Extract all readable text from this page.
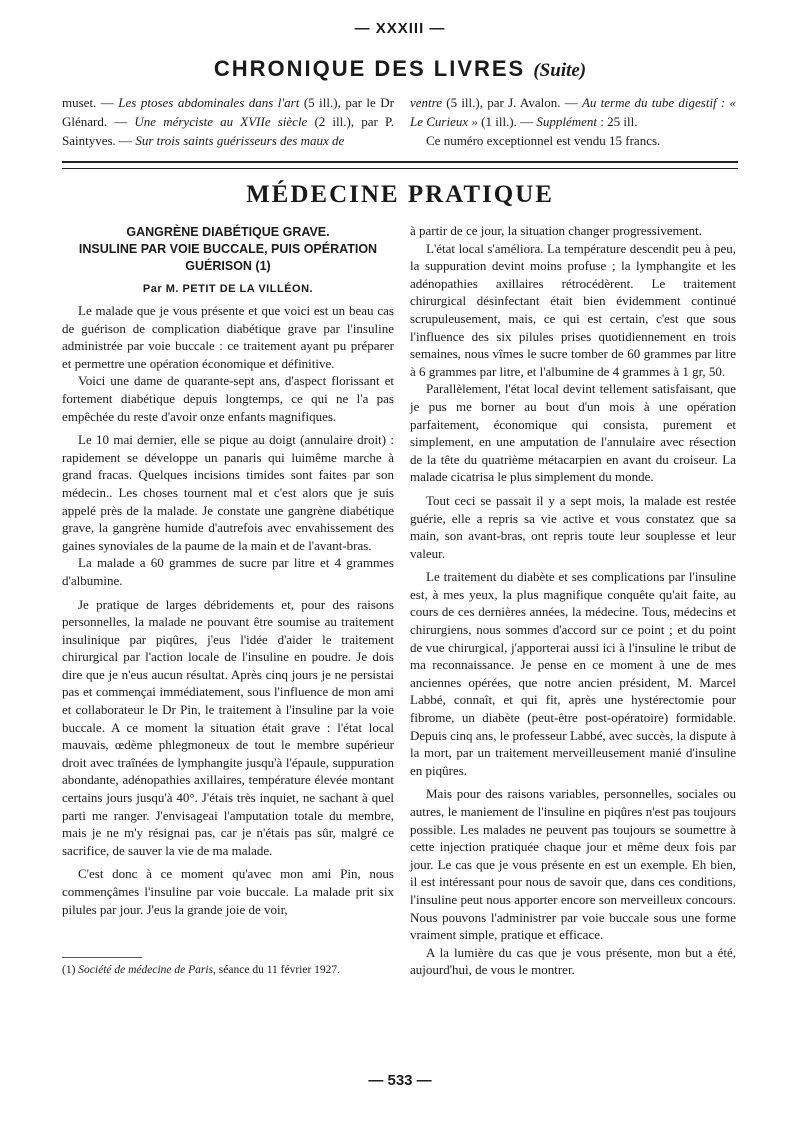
— XXXIII —
CHRONIQUE DES LIVRES (Suite)

muset. — Les ptoses abdominales dans l'art (5 ill.), par le Dr Glénard. — Une méryciste au XVIIe siècle (2 ill.), par P. Saintyves. — Sur trois saints guérisseurs des maux de

ventre (5 ill.), par J. Avalon. — Au terme du tube digestif : « Le Curieux » (1 ill.). — Supplément : 25 ill.

Ce numéro exceptionnel est vendu 15 francs.

MÉDECINE PRATIQUE
GANGRÈNE DIABÉTIQUE GRAVE.
INSULINE PAR VOIE BUCCALE, PUIS OPÉRATION
GUÉRISON (1)
Par M. PETIT DE LA VILLÉON.

Le malade que je vous présente et que voici est un beau cas de guérison de complication diabétique grave par l'insuline administrée par voie buccale : ce traitement ayant pu préparer et permettre une opération économique et définitive.

Voici une dame de quarante-sept ans, d'aspect florissant et fortement diabétique depuis longtemps, ce qui ne l'a pas empêchée du reste d'avoir onze enfants magnifiques.

Le 10 mai dernier, elle se pique au doigt (annulaire droit) : rapidement se développe un panaris qui luimême marche à grand fracas. Quelques incisions timides sont faites par son médecin.. Les choses tournent mal et c'est alors que je suis appelé près de la malade. Je constate une gangrène diabétique grave, la gangrène humide d'autrefois avec envahissement des gaines synoviales de la paume de la main et de l'avant-bras.

La malade a 60 grammes de sucre par litre et 4 grammes d'albumine.

Je pratique de larges débridements et, pour des raisons personnelles, la malade ne pouvant être soumise au traitement insulinique par piqûres, j'eus l'idée d'aider le traitement chirurgical par l'action locale de l'insuline en poudre. Je dois dire que je n'eus aucun résultat. Après cinq jours je ne persistai pas et commençai immédiatement, sous l'influence de mon ami et collaborateur le Dr Pin, le traitement à l'insuline par la voie buccale. A ce moment la situation était grave : l'état local mauvais, œdème phlegmoneux de tout le membre supérieur droit avec traînées de lymphangite jusqu'à l'épaule, suppuration abondante, adénopathies axillaires, température élevée montant certains jours jusqu'à 40°. J'étais très inquiet, ne sachant à quel parti me ranger. J'envisageai l'amputation totale du membre, mais je ne m'y résignai pas, car je n'étais pas sûr, malgré ce sacrifice, de sauver la vie de ma malade.

C'est donc à ce moment qu'avec mon ami Pin, nous commençâmes l'insuline par voie buccale. La malade prit six pilules par jour. J'eus la grande joie de voir,

(1) Société de médecine de Paris, séance du 11 février 1927.

à partir de ce jour, la situation changer progressivement.

L'état local s'améliora. La température descendit peu à peu, la suppuration devint moins profuse ; la lymphangite et les adénopathies axillaires rétrocédèrent. Le traitement chirurgical désinfectant était bien évidemment continué scrupuleusement, mais, ce qui est certain, c'est que sous l'influence des six pilules prises quotidiennement en trois semaines, nous vîmes le sucre tomber de 60 grammes par litre à 6 grammes par litre, et l'albumine de 4 grammes à 1 gr, 50.

Parallèlement, l'état local devint tellement satisfaisant, que je pus me borner au bout d'un mois à une opération parfaitement, économique qui consista, purement et simplement, en une amputation de l'annulaire avec résection de la tête du quatrième métacarpien en avant du croiseur. La malade cicatrisa le plus simplement du monde.

Tout ceci se passait il y a sept mois, la malade est restée guérie, elle a repris sa vie active et vous constatez que sa main, son avant-bras, ont repris toute leur souplesse et leur valeur.

Le traitement du diabète et ses complications par l'insuline est, à mes yeux, la plus magnifique conquête qu'ait faite, au cours de ces dernières années, la médecine. Tous, médecins et chirurgiens, nous sommes d'accord sur ce point ; et du point de vue chirurgical, j'apporterai aussi ici à l'insuline le tribut de ma reconnaissance. Je pense en ce moment à une de mes anciennes opérées, que notre ancien président, M. Marcel Labbé, connaît, et qui fit, après une hystérectomie pour fibrome, un diabète (peut-être post-opératoire) formidable. Depuis cinq ans, le professeur Labbé, avec succès, la dispute à la mort, par un traitement merveilleusement manié d'insuline en piqûres.

Mais pour des raisons variables, personnelles, sociales ou autres, le maniement de l'insuline en piqûres n'est pas toujours possible. Les malades ne peuvent pas toujours se soumettre à cette injection pratiquée chaque jour et même deux fois par jour. Le cas que je vous présente en est un exemple. Eh bien, il est intéressant pour nous de savoir que, dans ces conditions, l'insuline peut nous apporter encore son merveilleux concours. Nous pouvons l'administrer par voie buccale sous une forme vraiment simple, pratique et efficace.

A la lumière du cas que je vous présente, mon but a été, aujourd'hui, de vous le montrer.

— 533 —
